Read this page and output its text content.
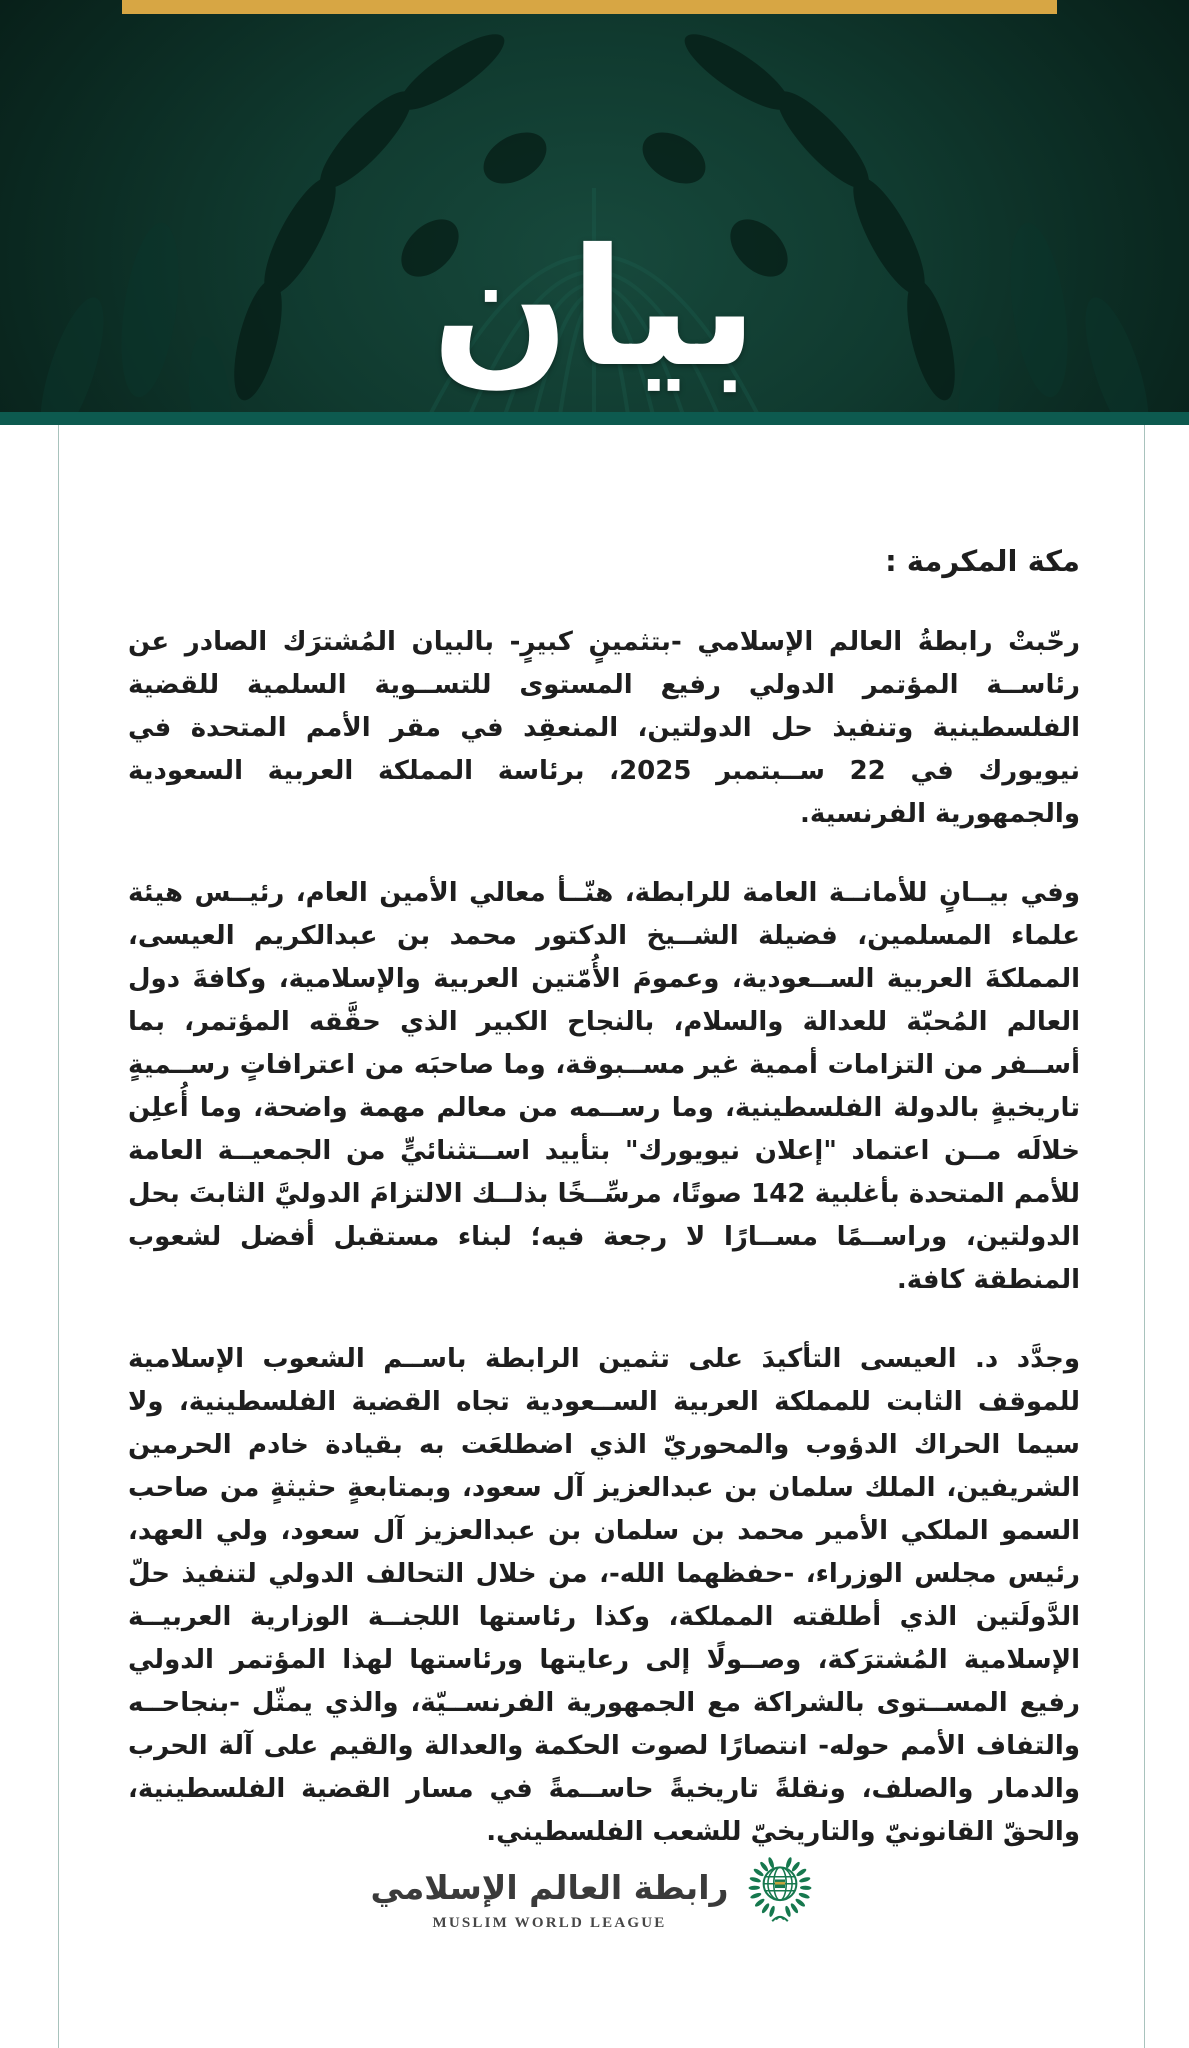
بيان
مكة المكرمة :

رحّبتْ رابطةُ العالم الإسلامي -بتثمينٍ كبيرٍ- بالبيان المُشترَك الصادر عن رئاســة المؤتمر الدولي رفيع المستوى للتســوية السلمية للقضية الفلسطينية وتنفيذ حل الدولتين، المنعقِد في مقر الأمم المتحدة في نيويورك في 22 ســبتمبر 2025، برئاسة المملكة العربية السعودية والجمهورية الفرنسية.

وفي بيــانٍ للأمانــة العامة للرابطة، هنّــأ معالي الأمين العام، رئيــس هيئة علماء المسلمين، فضيلة الشــيخ الدكتور محمد بن عبدالكريم العيسى، المملكةَ العربية الســعودية، وعمومَ الأُمّتين العربية والإسلامية، وكافةَ دول العالم المُحبّة للعدالة والسلام، بالنجاح الكبير الذي حقَّقه المؤتمر، بما أســفر من التزامات أممية غير مســبوقة، وما صاحبَه من اعترافاتٍ رســميةٍ تاريخيةٍ بالدولة الفلسطينية، وما رســمه من معالم مهمة واضحة، وما أُعلِن خلالَه مــن اعتماد "إعلان نيويورك" بتأييد اســتثنائيٍّ من الجمعيــة العامة للأمم المتحدة بأغلبية 142 صوتًا، مرسِّــخًا بذلــك الالتزامَ الدوليَّ الثابتَ بحل الدولتين، وراســمًا مســارًا لا رجعة فيه؛ لبناء مستقبل أفضل لشعوب المنطقة كافة.

وجدَّد د. العيسى التأكيدَ على تثمين الرابطة باســم الشعوب الإسلامية للموقف الثابت للمملكة العربية الســعودية تجاه القضية الفلسطينية، ولا سيما الحراك الدؤوب والمحوريّ الذي اضطلعَت به بقيادة خادم الحرمين الشريفين، الملك سلمان بن عبدالعزيز آل سعود، وبمتابعةٍ حثيثةٍ من صاحب السمو الملكي الأمير محمد بن سلمان بن عبدالعزيز آل سعود، ولي العهد، رئيس مجلس الوزراء، -حفظهما الله-، من خلال التحالف الدولي لتنفيذ حلّ الدَّولَتين الذي أطلقته المملكة، وكذا رئاستها اللجنــة الوزارية العربيــة الإسلامية المُشترَكة، وصــولًا إلى رعايتها ورئاستها لهذا المؤتمر الدولي رفيع المســتوى بالشراكة مع الجمهورية الفرنســيّة، والذي يمثّل -بنجاحــه والتفاف الأمم حوله- انتصارًا لصوت الحكمة والعدالة والقيم على آلة الحرب والدمار والصلف، ونقلةً تاريخيةً حاســمةً في مسار القضية الفلسطينية، والحقّ القانونيّ والتاريخيّ للشعب الفلسطيني.

رابطة العالم الإسلامي
MUSLIM WORLD LEAGUE
